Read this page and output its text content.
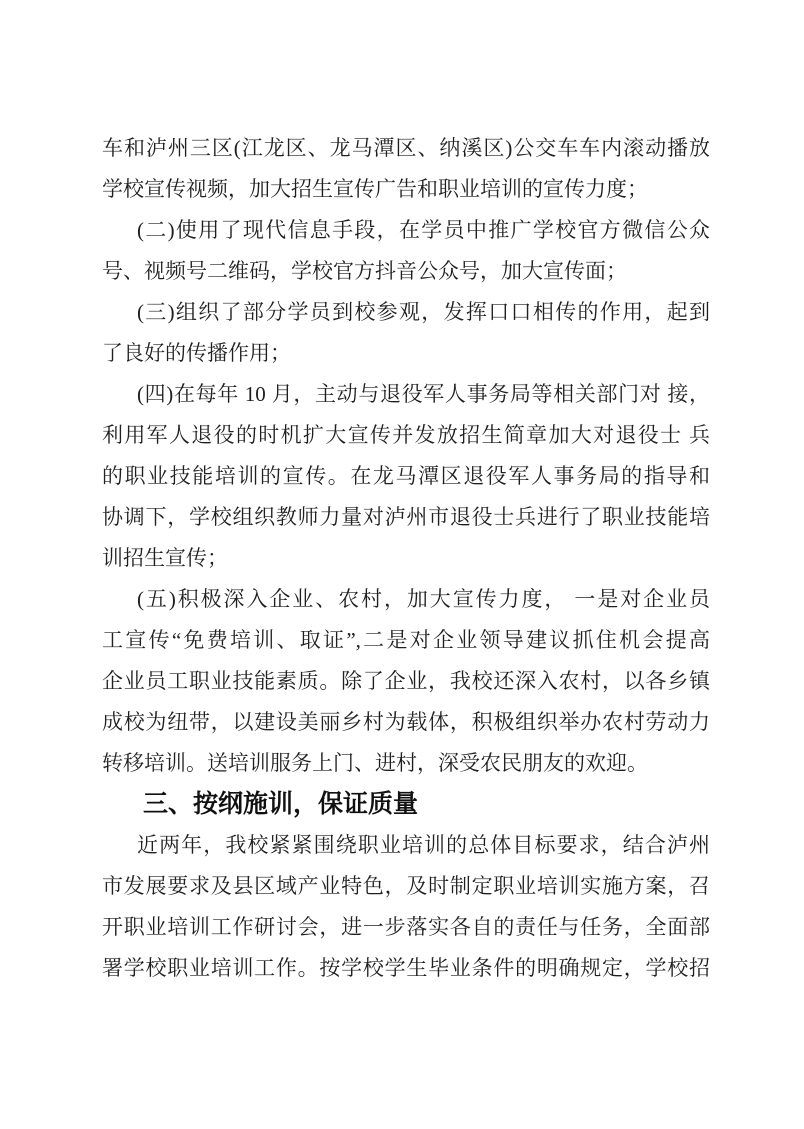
车和泸州三区(江龙区、龙马潭区、纳溪区)公交车车内滚动播放
学校宣传视频，加大招生宣传广告和职业培训的宣传力度；
(二)使用了现代信息手段，在学员中推广学校官方微信公众
号、视频号二维码，学校官方抖音公众号，加大宣传面；
(三)组织了部分学员到校参观，发挥口口相传的作用，起到
了良好的传播作用；
(四)在每年 10 月，主动与退役军人事务局等相关部门对 接，
利用军人退役的时机扩大宣传并发放招生简章加大对退役士 兵
的职业技能培训的宣传。在龙马潭区退役军人事务局的指导和
协调下，学校组织教师力量对泸州市退役士兵进行了职业技能培
训招生宣传；
(五)积极深入企业、农村，加大宣传力度， 一是对企业员
工宣传“免费培训、取证”,二是对企业领导建议抓住机会提高
企业员工职业技能素质。除了企业，我校还深入农村，以各乡镇
成校为纽带，以建设美丽乡村为载体，积极组织举办农村劳动力
转移培训。送培训服务上门、进村，深受农民朋友的欢迎。
三、按纲施训，保证质量
近两年，我校紧紧围绕职业培训的总体目标要求，结合泸州
市发展要求及县区域产业特色，及时制定职业培训实施方案，召
开职业培训工作研讨会，进一步落实各自的责任与任务，全面部
署学校职业培训工作。按学校学生毕业条件的明确规定，学校招
